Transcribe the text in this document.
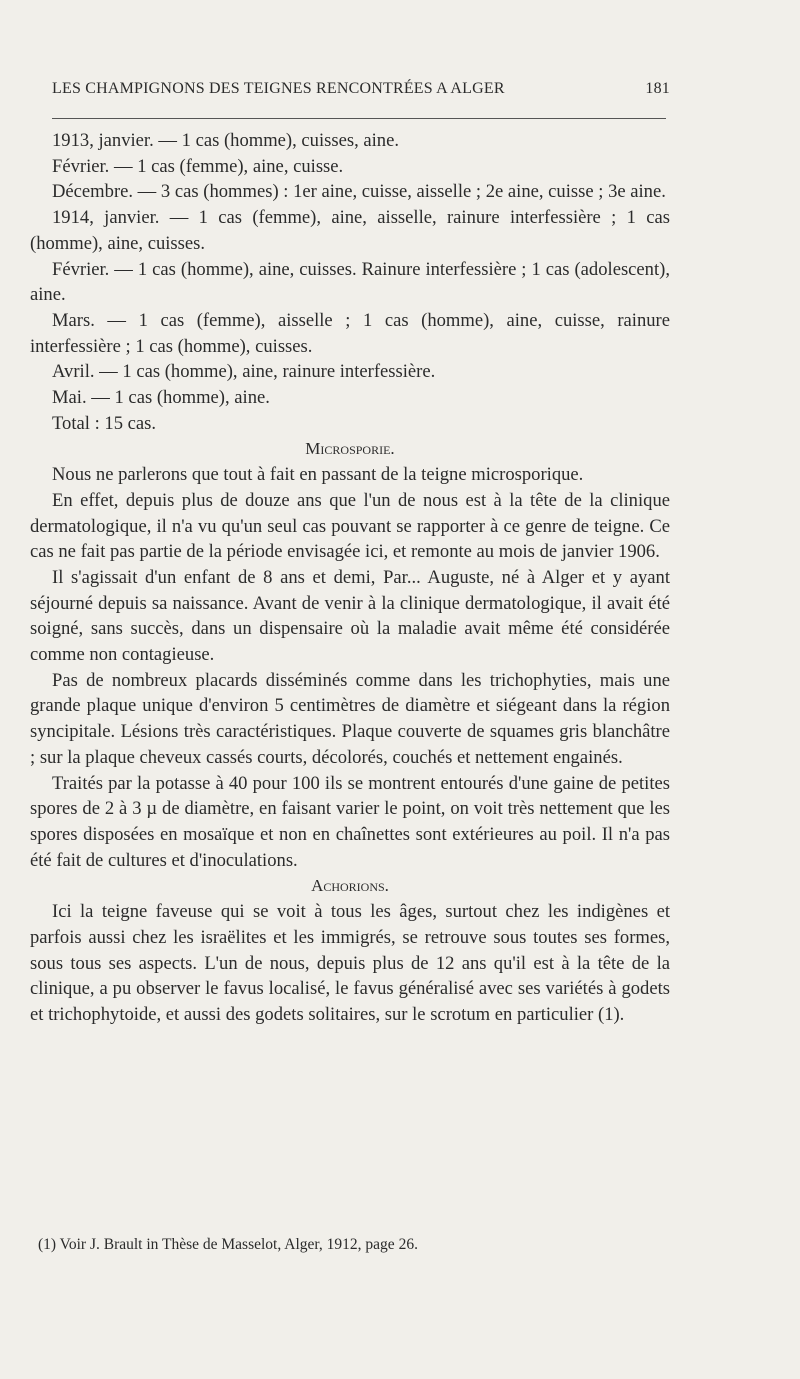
LES CHAMPIGNONS DES TEIGNES RENCONTRÉES A ALGER	181

1913, janvier. — 1 cas (homme), cuisses, aine.

Février. — 1 cas (femme), aine, cuisse.

Décembre. — 3 cas (hommes) : 1er aine, cuisse, aisselle ; 2e aine, cuisse ; 3e aine.

1914, janvier. — 1 cas (femme), aine, aisselle, rainure interfessière ; 1 cas (homme), aine, cuisses.

Février. — 1 cas (homme), aine, cuisses. Rainure interfessière ; 1 cas (adolescent), aine.

Mars. — 1 cas (femme), aisselle ; 1 cas (homme), aine, cuisse, rainure interfessière ; 1 cas (homme), cuisses.

Avril. — 1 cas (homme), aine, rainure interfessière.

Mai. — 1 cas (homme), aine.

Total : 15 cas.

Microsporie.

Nous ne parlerons que tout à fait en passant de la teigne microsporique.

En effet, depuis plus de douze ans que l'un de nous est à la tête de la clinique dermatologique, il n'a vu qu'un seul cas pouvant se rapporter à ce genre de teigne. Ce cas ne fait pas partie de la période envisagée ici, et remonte au mois de janvier 1906.

Il s'agissait d'un enfant de 8 ans et demi, Par... Auguste, né à Alger et y ayant séjourné depuis sa naissance. Avant de venir à la clinique dermatologique, il avait été soigné, sans succès, dans un dispensaire où la maladie avait même été considérée comme non contagieuse.

Pas de nombreux placards disséminés comme dans les trichophyties, mais une grande plaque unique d'environ 5 centimètres de diamètre et siégeant dans la région syncipitale. Lésions très caractéristiques. Plaque couverte de squames gris blanchâtre ; sur la plaque cheveux cassés courts, décolorés, couchés et nettement engainés.

Traités par la potasse à 40 pour 100 ils se montrent entourés d'une gaine de petites spores de 2 à 3 µ de diamètre, en faisant varier le point, on voit très nettement que les spores disposées en mosaïque et non en chaînettes sont extérieures au poil. Il n'a pas été fait de cultures et d'inoculations.

Achorions.

Ici la teigne faveuse qui se voit à tous les âges, surtout chez les indigènes et parfois aussi chez les israëlites et les immigrés, se retrouve sous toutes ses formes, sous tous ses aspects. L'un de nous, depuis plus de 12 ans qu'il est à la tête de la clinique, a pu observer le favus localisé, le favus généralisé avec ses variétés à godets et trichophytoide, et aussi des godets solitaires, sur le scrotum en particulier (1).

(1) Voir J. Brault in Thèse de Masselot, Alger, 1912, page 26.
